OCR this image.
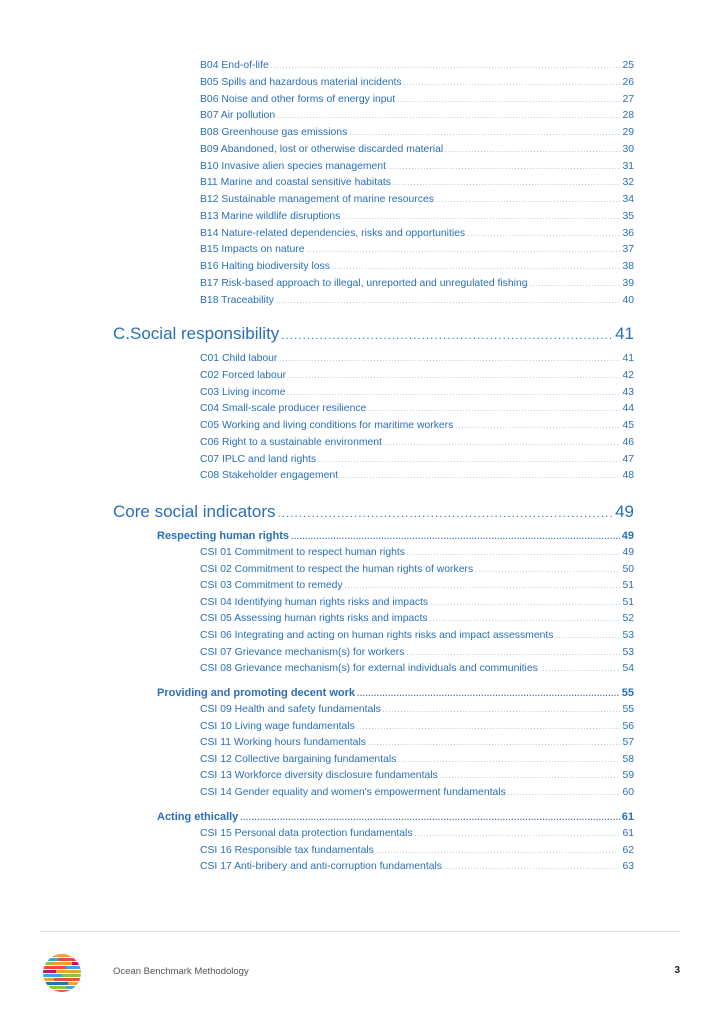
B04 End-of-life .....	25
B05 Spills and hazardous material incidents .....	26
B06 Noise and other forms of energy input .....	27
B07 Air pollution .....	28
B08 Greenhouse gas emissions .....	29
B09 Abandoned, lost or otherwise discarded material .....	30
B10 Invasive alien species management .....	31
B11 Marine and coastal sensitive habitats .....	32
B12 Sustainable management of marine resources .....	34
B13 Marine wildlife disruptions .....	35
B14 Nature-related dependencies, risks and opportunities .....	36
B15 Impacts on nature .....	37
B16 Halting biodiversity loss .....	38
B17 Risk-based approach to illegal, unreported and unregulated fishing .....	39
B18 Traceability .....	40
C. Social responsibility .....	41
C01 Child labour .....	41
C02 Forced labour .....	42
C03 Living income .....	43
C04 Small-scale producer resilience .....	44
C05 Working and living conditions for maritime workers .....	45
C06 Right to a sustainable environment .....	46
C07 IPLC and land rights .....	47
C08 Stakeholder engagement .....	48
Core social indicators .....	49
Respecting human rights .....	49
CSI 01 Commitment to respect human rights .....	49
CSI 02 Commitment to respect the human rights of workers .....	50
CSI 03 Commitment to remedy .....	51
CSI 04 Identifying human rights risks and impacts .....	51
CSI 05 Assessing human rights risks and impacts .....	52
CSI 06 Integrating and acting on human rights risks and impact assessments .....	53
CSI 07 Grievance mechanism(s) for workers .....	53
CSI 08 Grievance mechanism(s) for external individuals and communities .....	54
Providing and promoting decent work .....	55
CSI 09 Health and safety fundamentals .....	55
CSI 10 Living wage fundamentals .....	56
CSI 11 Working hours fundamentals .....	57
CSI 12 Collective bargaining fundamentals .....	58
CSI 13 Workforce diversity disclosure fundamentals .....	59
CSI 14 Gender equality and women's empowerment fundamentals .....	60
Acting ethically .....	61
CSI 15 Personal data protection fundamentals .....	61
CSI 16 Responsible tax fundamentals .....	62
CSI 17 Anti-bribery and anti-corruption fundamentals .....	63
Ocean Benchmark Methodology	3
